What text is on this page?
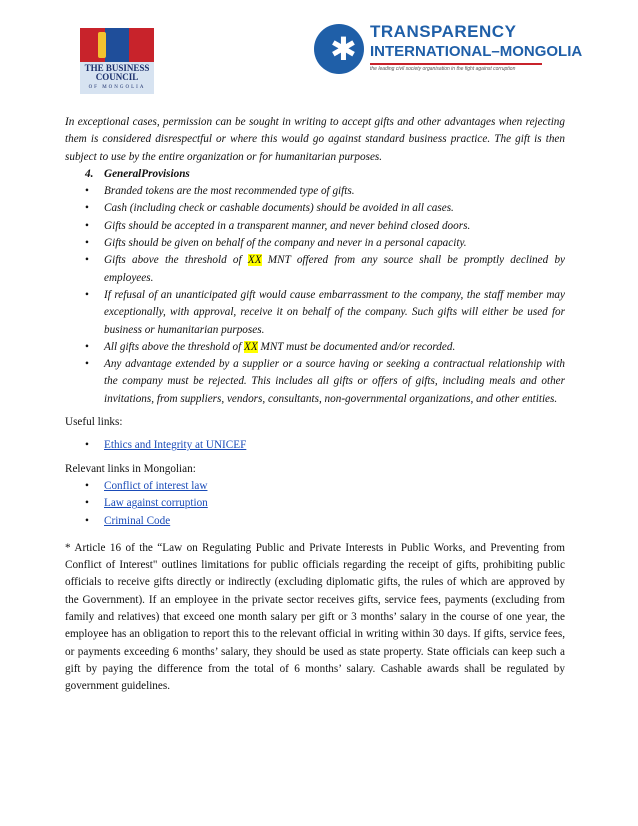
THE BUSINESS
COUNCIL
OF MONGOLIA
✱ TRANSPARENCY
INTERNATIONAL–MONGOLIA
the leading civil society organisation in the fight against corruption

In exceptional cases, permission can be sought in writing to accept gifts and other advantages when rejecting them is considered disrespectful or where this would go against standard business practice. The gift is then subject to use by the entire organization or for humanitarian purposes.

4. GeneralProvisions
• Branded tokens are the most recommended type of gifts.
• Cash (including check or cashable documents) should be avoided in all cases.
• Gifts should be accepted in a transparent manner, and never behind closed doors.
• Gifts should be given on behalf of the company and never in a personal capacity.
• Gifts above the threshold of XX MNT offered from any source shall be promptly declined by employees.
• If refusal of an unanticipated gift would cause embarrassment to the company, the staff member may exceptionally, with approval, receive it on behalf of the company. Such gifts will either be used for business or humanitarian purposes.
• All gifts above the threshold of XX MNT must be documented and/or recorded.
• Any advantage extended by a supplier or a source having or seeking a contractual relationship with the company must be rejected. This includes all gifts or offers of gifts, including meals and other invitations, from suppliers, vendors, consultants, non-governmental organizations, and other entities.

Useful links:

• Ethics and Integrity at UNICEF

Relevant links in Mongolian:

• Conflict of interest law
• Law against corruption
• Criminal Code

* Article 16 of the “Law on Regulating Public and Private Interests in Public Works, and Preventing from Conflict of Interest" outlines limitations for public officials regarding the receipt of gifts, prohibiting public officials to receive gifts directly or indirectly (excluding diplomatic gifts, the rules of which are approved by the Government). If an employee in the private sector receives gifts, service fees, payments (excluding from family and relatives) that exceed one month salary per gift or 3 months’ salary in the course of one year, the employee has an obligation to report this to the relevant official in writing within 30 days. If gifts, service fees, or payments exceeding 6 months’ salary, they should be used as state property. State officials can keep such a gift by paying the difference from the total of 6 months’ salary. Cashable awards shall be regulated by government guidelines.
